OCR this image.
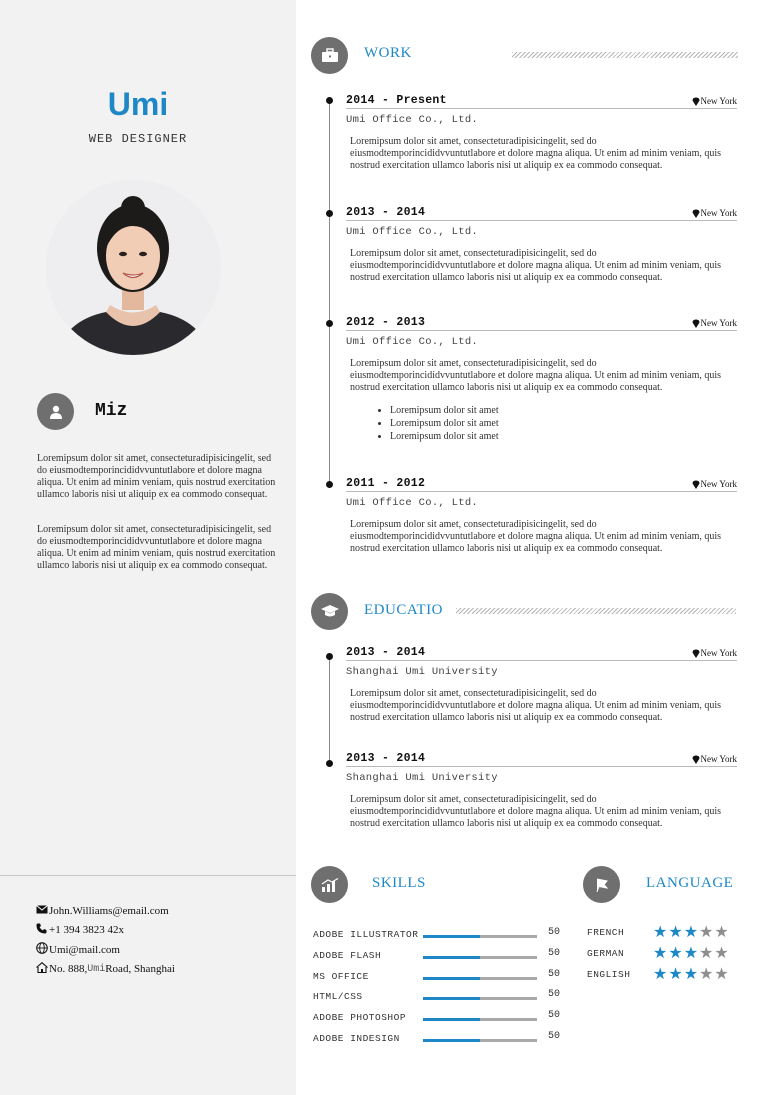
Umi
WEB DESIGNER
Miz

Loremipsum dolor sit amet, consecteturadipisicingelit, sed do eiusmodtemporincididvvuntutlabore et dolore magna aliqua. Ut enim ad minim veniam, quis nostrud exercitation ullamco laboris nisi ut aliquip ex ea commodo consequat.

Loremipsum dolor sit amet, consecteturadipisicingelit, sed do eiusmodtemporincididvvuntutlabore et dolore magna aliqua. Ut enim ad minim veniam, quis nostrud exercitation ullamco laboris nisi ut aliquip ex ea commodo consequat.

John.Williams@email.com
+1 394 3823 42x
Umi@mail.com
No. 888, Umi Road, Shanghai
WORK
2014 - Present	New York
Umi Office Co., Ltd.
Loremipsum dolor sit amet, consecteturadipisicingelit, sed do eiusmodtemporincididvvuntutlabore et dolore magna aliqua. Ut enim ad minim veniam, quis nostrud exercitation ullamco laboris nisi ut aliquip ex ea commodo consequat.
2013 - 2014	New York
Umi Office Co., Ltd.
Loremipsum dolor sit amet, consecteturadipisicingelit, sed do eiusmodtemporincididvvuntutlabore et dolore magna aliqua. Ut enim ad minim veniam, quis nostrud exercitation ullamco laboris nisi ut aliquip ex ea commodo consequat.
2012 - 2013	New York
Umi Office Co., Ltd.
Loremipsum dolor sit amet, consecteturadipisicingelit, sed do eiusmodtemporincididvvuntutlabore et dolore magna aliqua. Ut enim ad minim veniam, quis nostrud exercitation ullamco laboris nisi ut aliquip ex ea commodo consequat.
• Loremipsum dolor sit amet
• Loremipsum dolor sit amet
• Loremipsum dolor sit amet
2011 - 2012	New York
Umi Office Co., Ltd.
Loremipsum dolor sit amet, consecteturadipisicingelit, sed do eiusmodtemporincididvvuntutlabore et dolore magna aliqua. Ut enim ad minim veniam, quis nostrud exercitation ullamco laboris nisi ut aliquip ex ea commodo consequat.
EDUCATIO
2013 - 2014	New York
Shanghai Umi University
Loremipsum dolor sit amet, consecteturadipisicingelit, sed do eiusmodtemporincididvvuntutlabore et dolore magna aliqua. Ut enim ad minim veniam, quis nostrud exercitation ullamco laboris nisi ut aliquip ex ea commodo consequat.
2013 - 2014	New York
Shanghai Umi University
Loremipsum dolor sit amet, consecteturadipisicingelit, sed do eiusmodtemporincididvvuntutlabore et dolore magna aliqua. Ut enim ad minim veniam, quis nostrud exercitation ullamco laboris nisi ut aliquip ex ea commodo consequat.
SKILLS
ADOBE ILLUSTRATOR	50
ADOBE FLASH	50
MS OFFICE	50
HTML/CSS	50
ADOBE PHOTOSHOP	50
ADOBE INDESIGN	50
LANGUAGE
FRENCH ★★★★★
GERMAN ★★★★★
ENGLISH ★★★★★
